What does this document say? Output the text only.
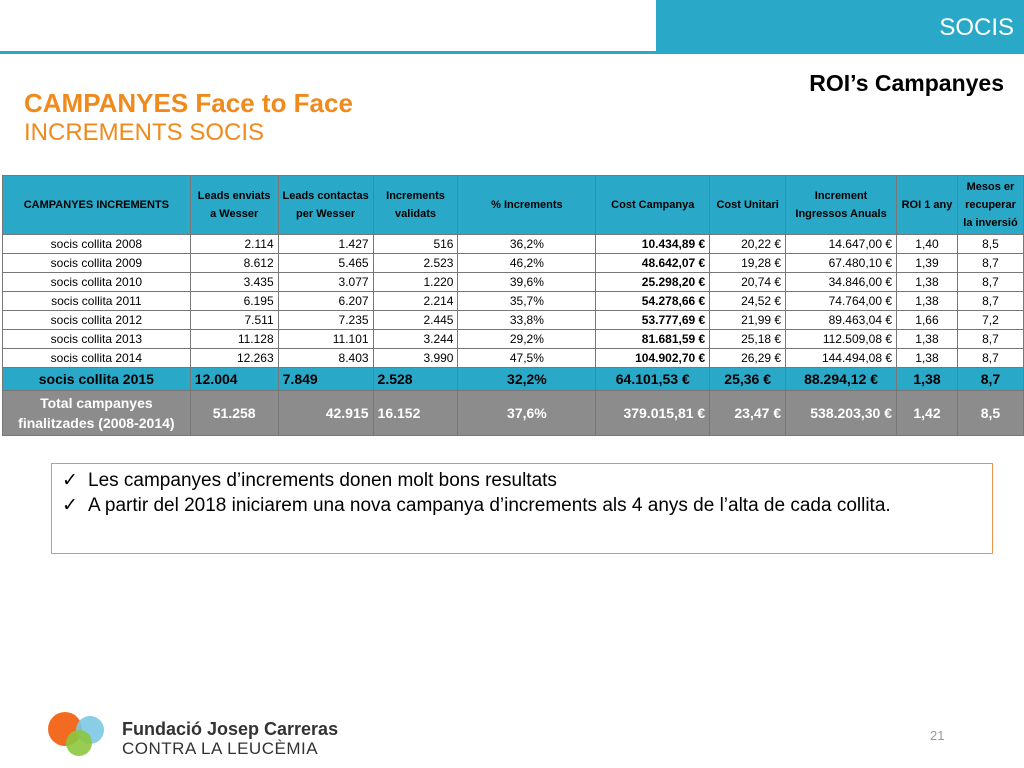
SOCIS
ROI’s Campanyes
CAMPANYES Face to Face
INCREMENTS SOCIS
CAMPANYES INCREMENTS	Leads enviats a Wesser	Leads contactas per Wesser	Increments validats	% Increments	Cost Campanya	Cost Unitari	Increment Ingressos Anuals	ROI 1 any	Mesos er recuperar la inversió
socis collita 2008	2.114	1.427	516	36,2%	10.434,89 €	20,22 €	14.647,00 €	1,40	8,5
socis collita 2009	8.612	5.465	2.523	46,2%	48.642,07 €	19,28 €	67.480,10 €	1,39	8,7
socis collita 2010	3.435	3.077	1.220	39,6%	25.298,20 €	20,74 €	34.846,00 €	1,38	8,7
socis collita 2011	6.195	6.207	2.214	35,7%	54.278,66 €	24,52 €	74.764,00 €	1,38	8,7
socis collita 2012	7.511	7.235	2.445	33,8%	53.777,69 €	21,99 €	89.463,04 €	1,66	7,2
socis collita 2013	11.128	11.101	3.244	29,2%	81.681,59 €	25,18 €	112.509,08 €	1,38	8,7
socis collita 2014	12.263	8.403	3.990	47,5%	104.902,70 €	26,29 €	144.494,08 €	1,38	8,7
socis collita 2015	12.004	7.849	2.528	32,2%	64.101,53 €	25,36 €	88.294,12 €	1,38	8,7
Total campanyes finalitzades (2008-2014)	51.258	42.915	16.152	37,6%	379.015,81 €	23,47 €	538.203,30 €	1,42	8,5
✓ Les campanyes d’increments donen molt bons resultats
✓ A partir del 2018 iniciarem una nova campanya d’increments als 4 anys de l’alta de cada collita.
Fundació Josep Carreras
CONTRA LA LEUCÈMIA
21
